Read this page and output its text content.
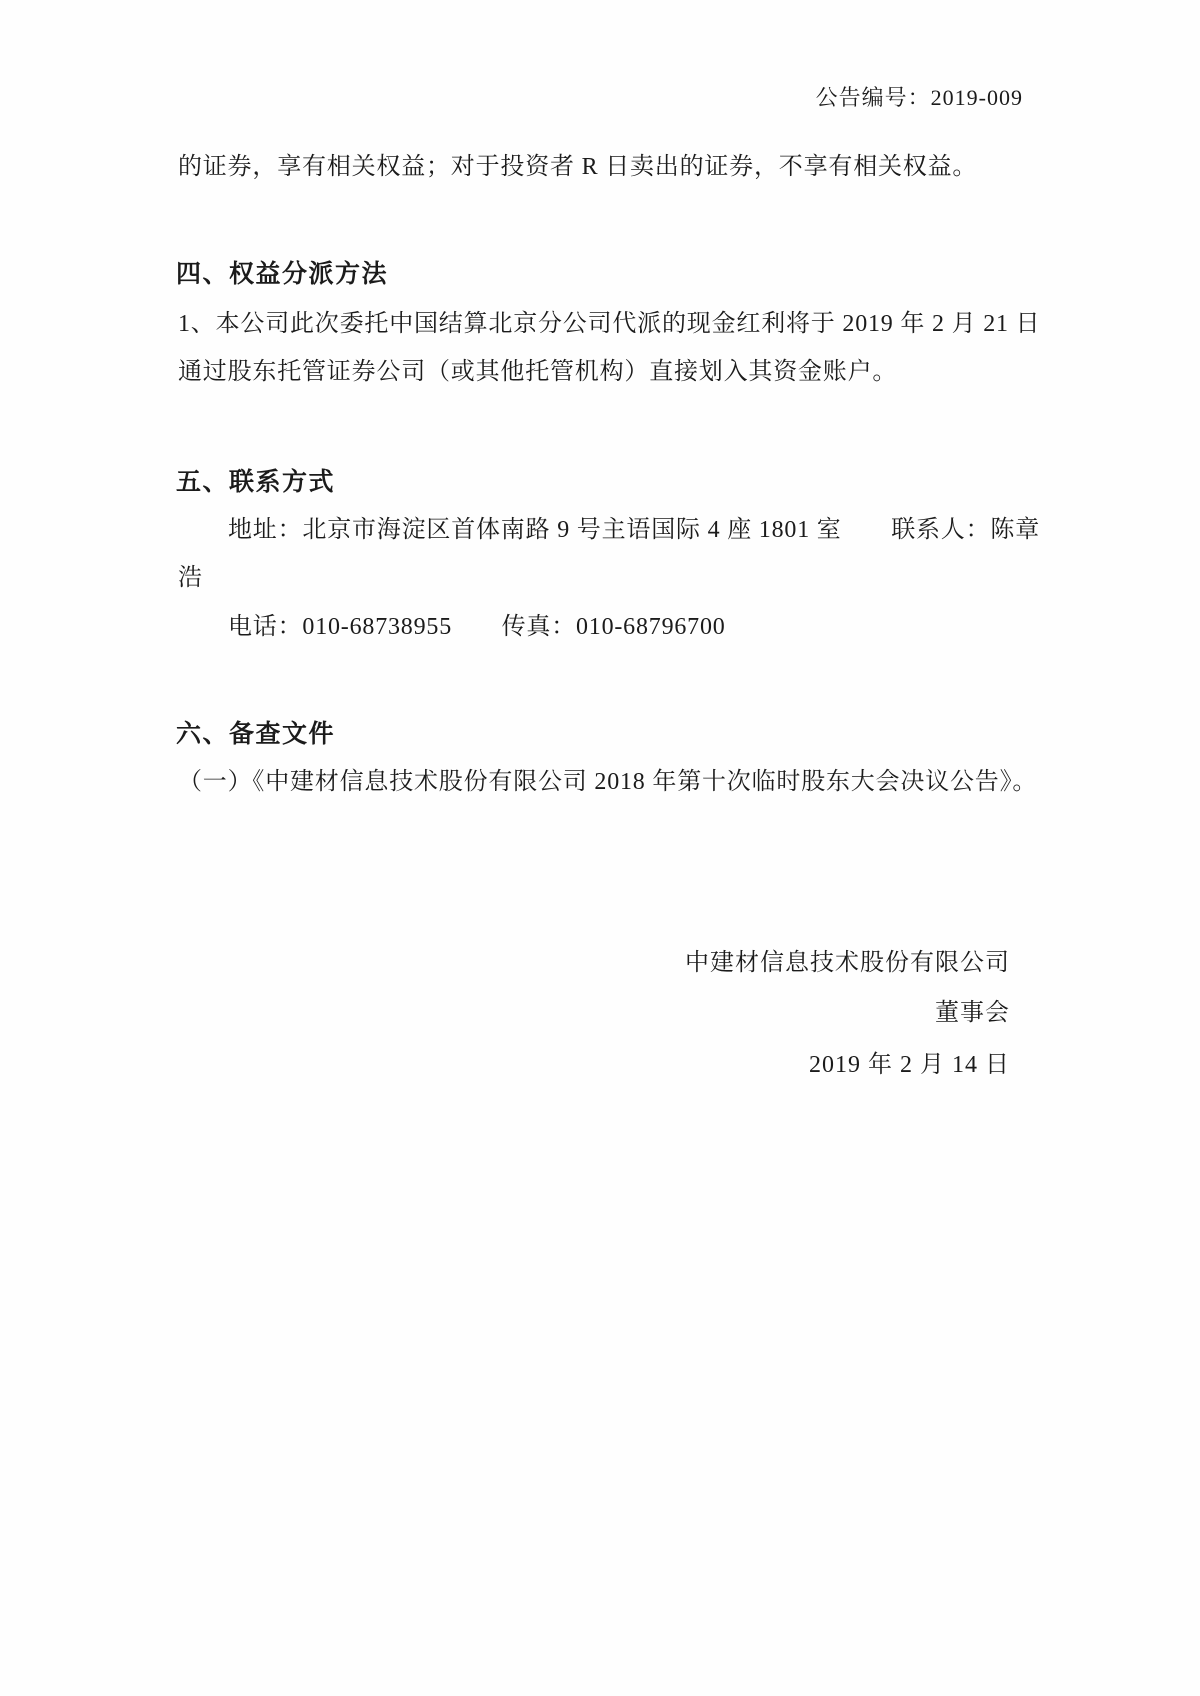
公告编号：2019-009
的证券，享有相关权益；对于投资者 R 日卖出的证券，不享有相关权益。
四、权益分派方法
1、本公司此次委托中国结算北京分公司代派的现金红利将于 2019 年 2 月 21 日
通过股东托管证券公司（或其他托管机构）直接划入其资金账户。
五、联系方式
地址：北京市海淀区首体南路 9 号主语国际 4 座 1801 室　　联系人：陈章
浩
电话：010-68738955　　传真：010-68796700
六、备查文件
（一）《中建材信息技术股份有限公司 2018 年第十次临时股东大会决议公告》。
中建材信息技术股份有限公司
董事会
2019 年 2 月 14 日
